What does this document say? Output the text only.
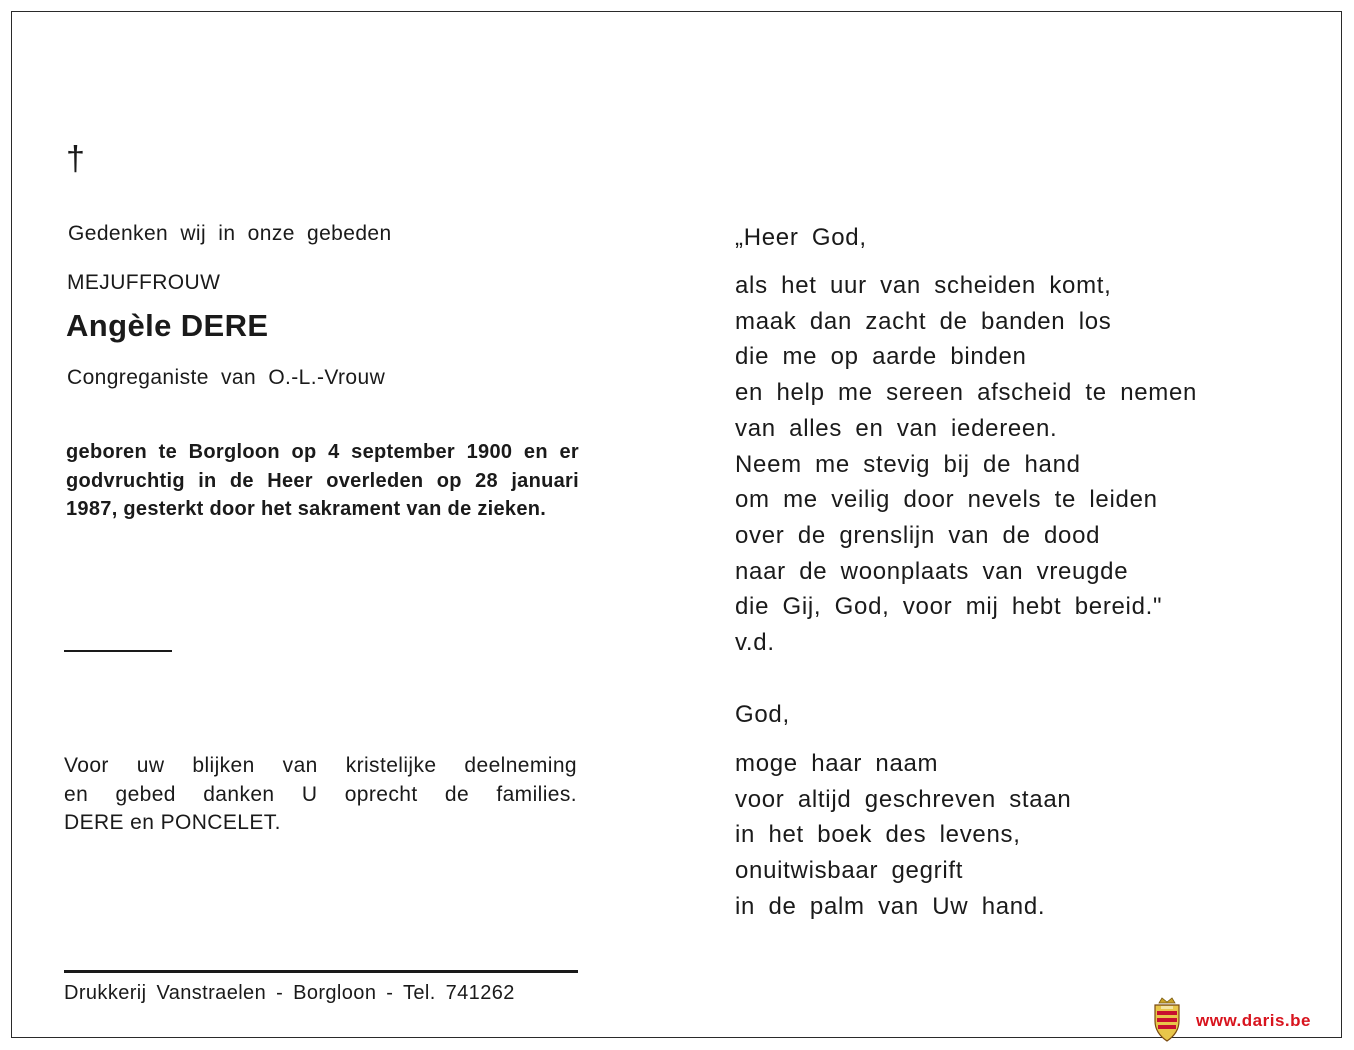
†
Gedenken wij in onze gebeden
MEJUFFROUW
Angèle DERE
Congreganiste van O.-L.-Vrouw
geboren te Borgloon op 4 september 1900 en er godvruchtig in de Heer overleden op 28 januari 1987, gesterkt door het sakrament van de zieken.
Voor uw blijken van kristelijke deelneming
en gebed danken U oprecht de families.
DERE en PONCELET.
Drukkerij Vanstraelen - Borgloon - Tel. 741262
„Heer God,
als het uur van scheiden komt,
maak dan zacht de banden los
die me op aarde binden
en help me sereen afscheid te nemen
van alles en van iedereen.
Neem me stevig bij de hand
om me veilig door nevels te leiden
over de grenslijn van de dood
naar de woonplaats van vreugde
die Gij, God, voor mij hebt bereid."
v.d.
God,
moge haar naam
voor altijd geschreven staan
in het boek des levens,
onuitwisbaar gegrift
in de palm van Uw hand.
www.daris.be
